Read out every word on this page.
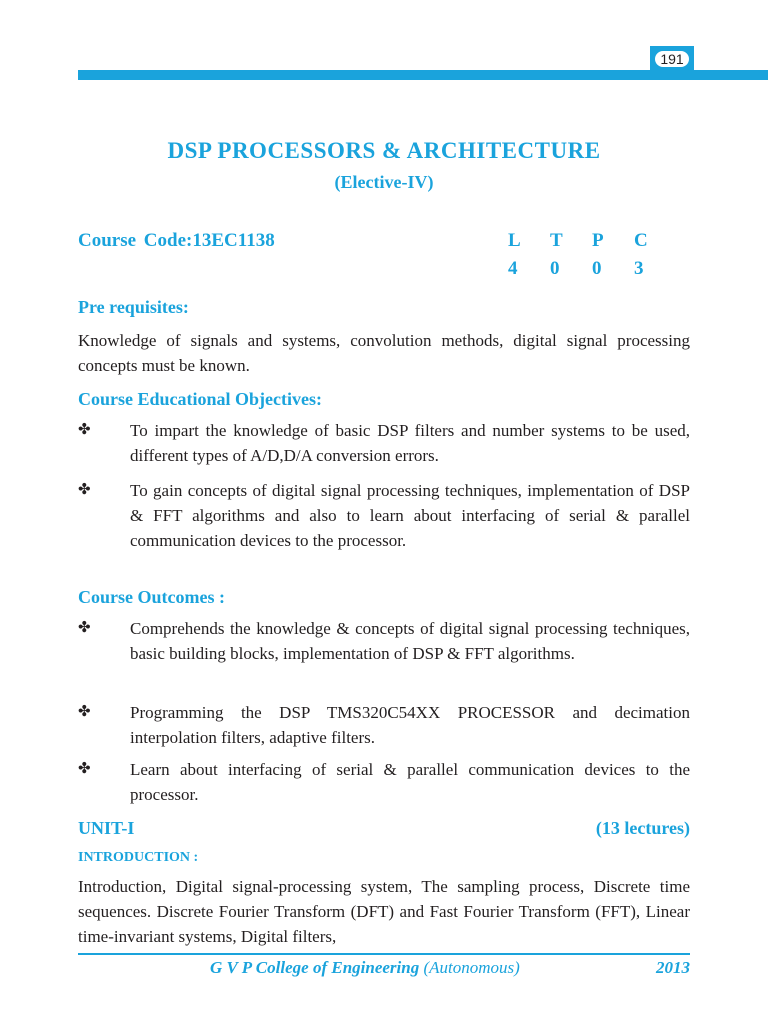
191
DSP PROCESSORS & ARCHITECTURE
(Elective-IV)
Course Code:13EC1138	L T P C
4 0 0 3
Pre requisites:
Knowledge of signals and systems, convolution methods, digital signal processing concepts must be known.
Course Educational Objectives:
✤ To impart the knowledge of basic DSP filters and number systems to be used, different types of A/D,D/A conversion errors.
✤ To gain concepts of digital signal processing techniques, implementation of DSP & FFT algorithms and also to learn about interfacing of serial & parallel communication devices to the processor.
Course Outcomes :
✤ Comprehends the knowledge & concepts of digital signal processing techniques, basic building blocks, implementation of DSP & FFT algorithms.
✤ Programming the DSP TMS320C54XX PROCESSOR and decimation interpolation filters, adaptive filters.
✤ Learn about interfacing of serial & parallel communication devices to the processor.
UNIT-I	(13 lectures)
INTRODUCTION :
Introduction, Digital signal-processing system, The sampling process, Discrete time sequences. Discrete Fourier Transform (DFT) and Fast Fourier Transform (FFT), Linear time-invariant systems, Digital filters,
G V P College of Engineering (Autonomous)	2013
